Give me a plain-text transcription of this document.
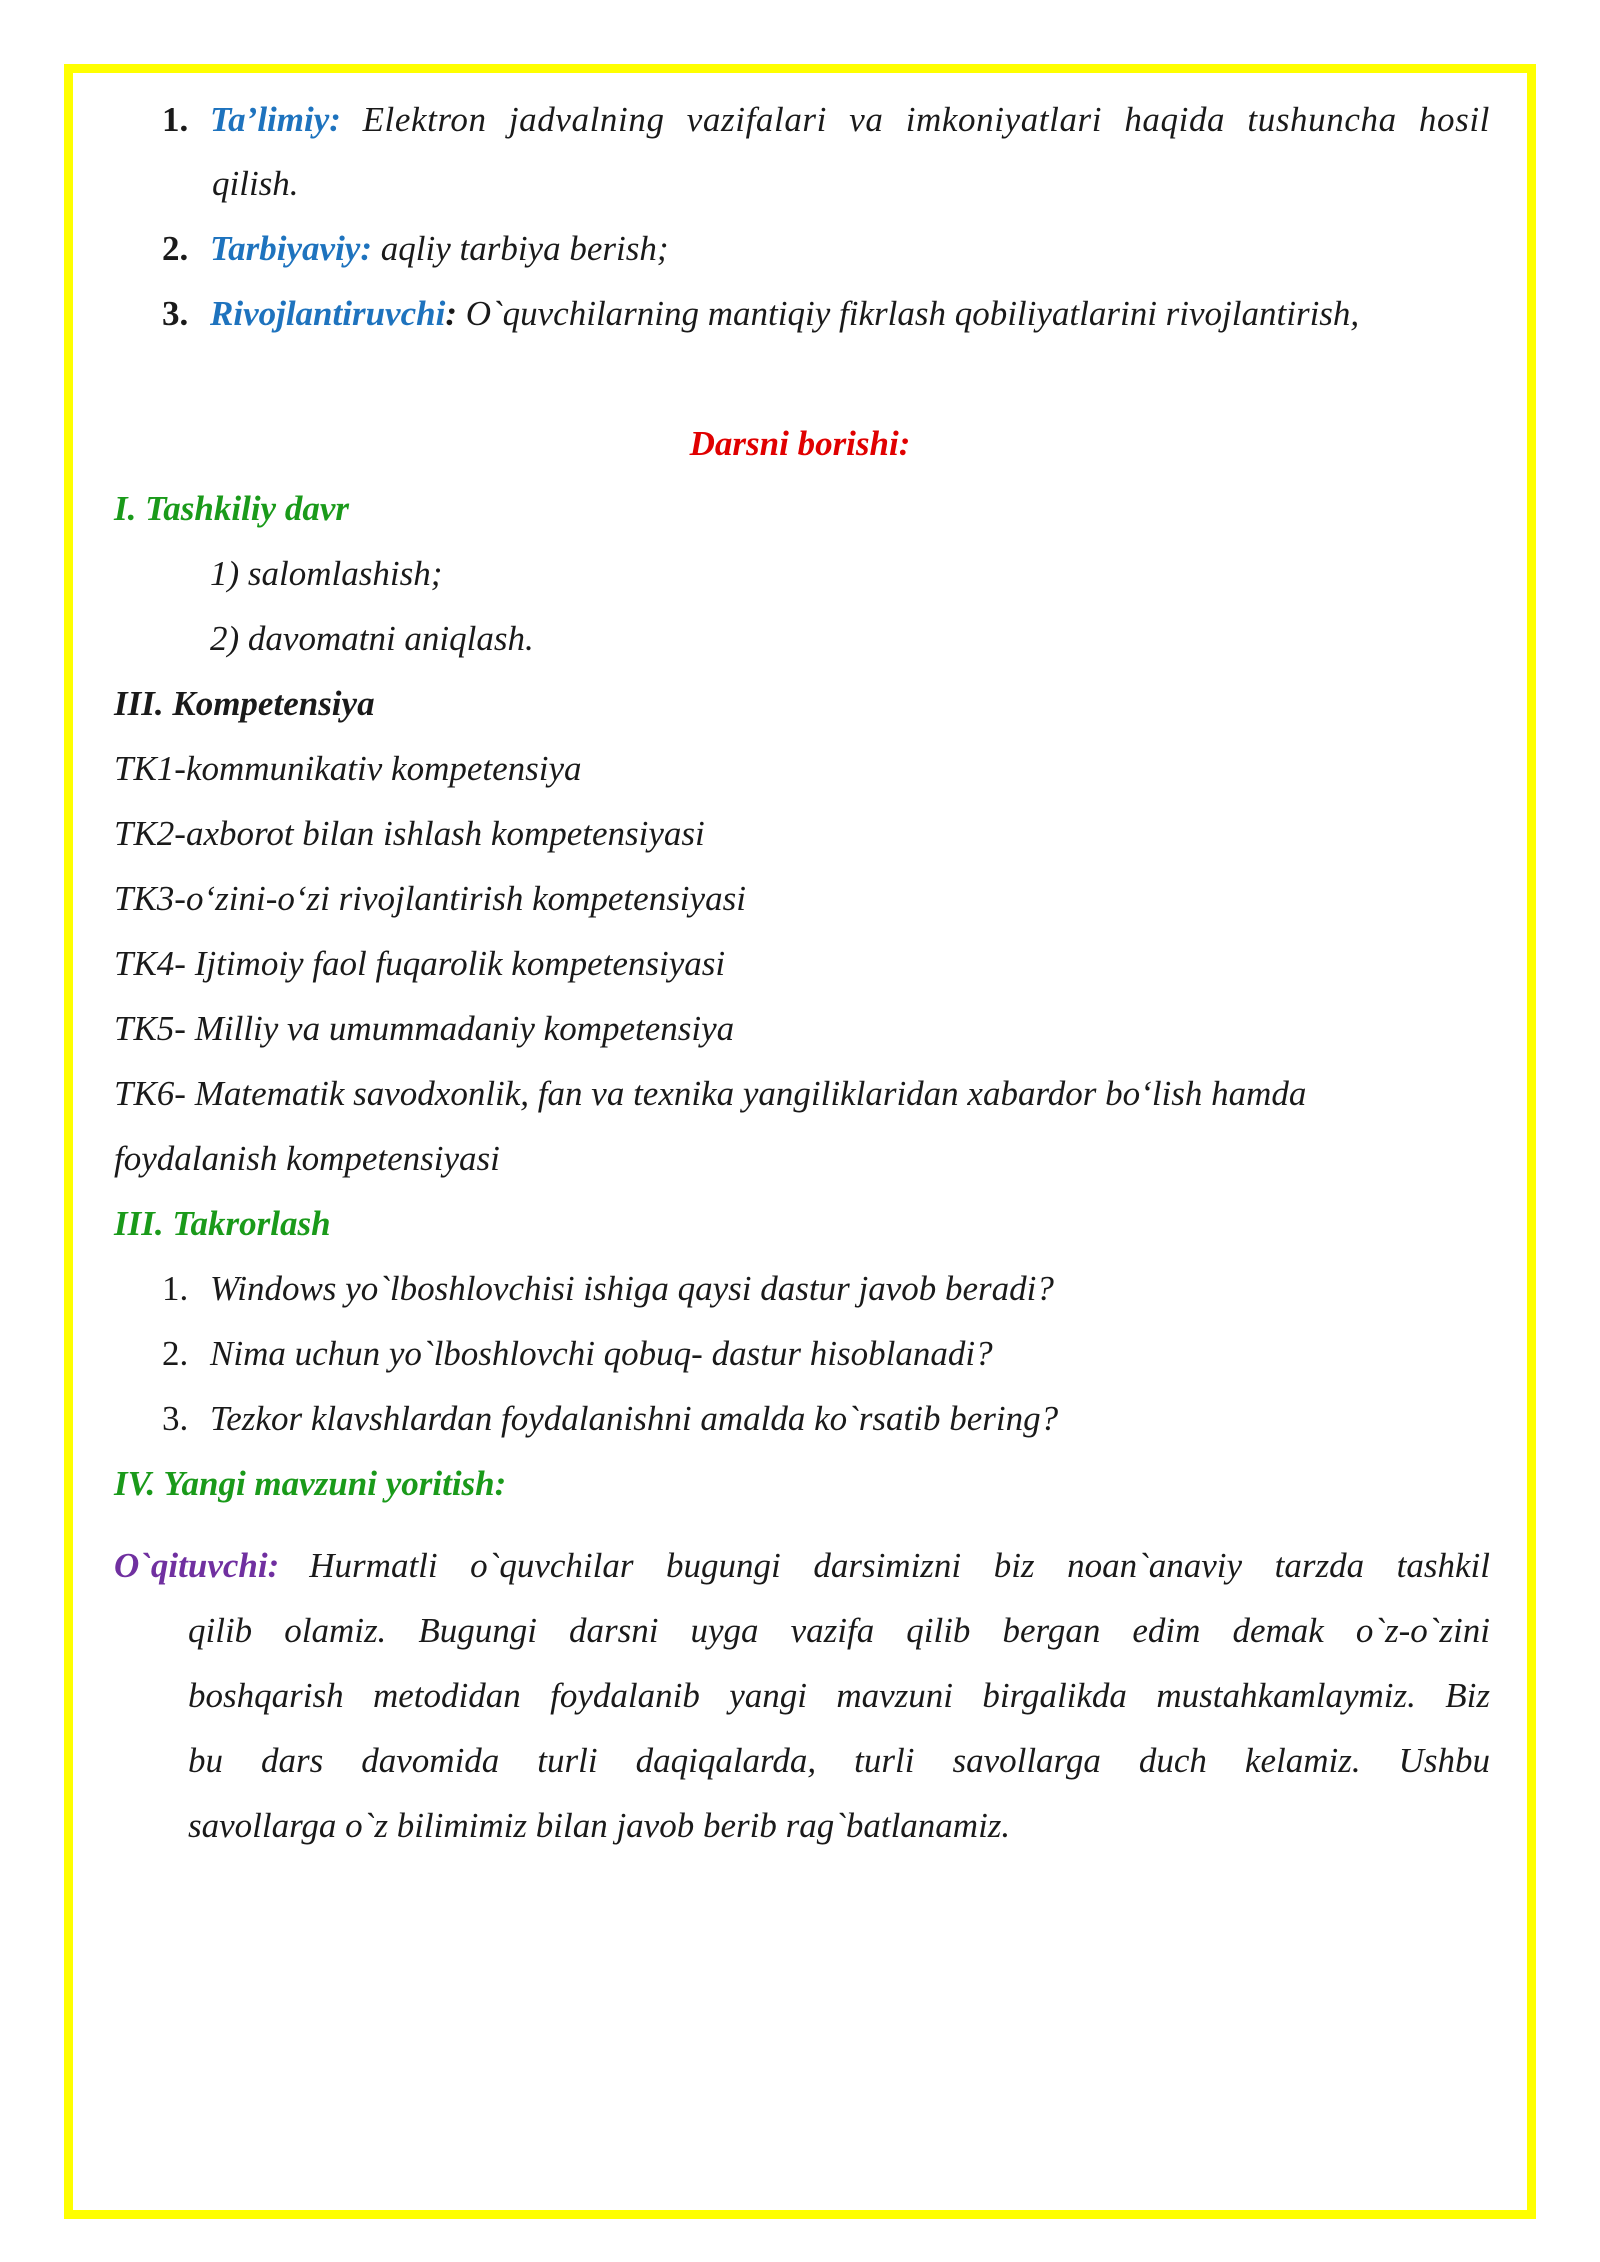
1. Ta’limiy: Elektron jadvalning vazifalari va imkoniyatlari haqida tushuncha hosil
qilish.
2. Tarbiyaviy: aqliy tarbiya berish;
3. Rivojlantiruvchi: O`quvchilarning mantiqiy fikrlash qobiliyatlarini rivojlantirish,
Darsni borishi:
I. Tashkiliy davr
1) salomlashish;
2) davomatni aniqlash.
III. Kompetensiya
TK1-kommunikativ kompetensiya
TK2-axborot bilan ishlash kompetensiyasi
TK3-o‘zini-o‘zi rivojlantirish kompetensiyasi
TK4- Ijtimoiy faol fuqarolik kompetensiyasi
TK5- Milliy va umummadaniy kompetensiya
TK6- Matematik savodxonlik, fan va texnika yangiliklaridan xabardor bo‘lish hamda
foydalanish kompetensiyasi
III. Takrorlash
1. Windows yo`lboshlovchisi ishiga qaysi dastur javob beradi?
2. Nima uchun yo`lboshlovchi qobuq- dastur hisoblanadi?
3. Tezkor klavshlardan foydalanishni amalda ko`rsatib bering?
IV. Yangi mavzuni yoritish:
O`qituvchi: Hurmatli o`quvchilar bugungi darsimizni biz noan`anaviy tarzda tashkil
qilib olamiz. Bugungi darsni uyga vazifa qilib bergan edim demak o`z-o`zini
boshqarish metodidan foydalanib yangi mavzuni birgalikda mustahkamlaymiz. Biz
bu dars davomida turli daqiqalarda, turli savollarga duch kelamiz. Ushbu
savollarga o`z bilimimiz bilan javob berib rag`batlanamiz.
